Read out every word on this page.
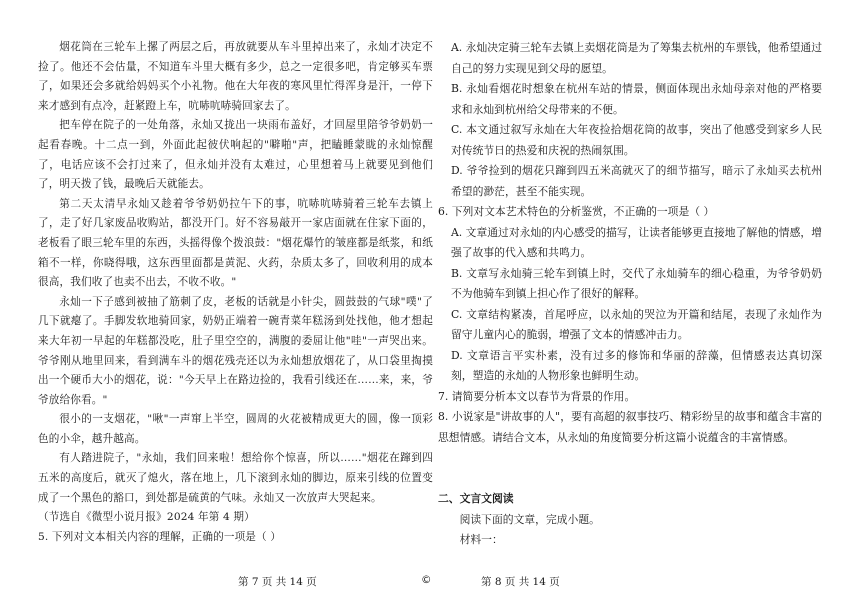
烟花筒在三轮车上摞了两层之后，再放就要从车斗里掉出来了，永灿才决定不捡了。他还不会估量，不知道车斗里大概有多少，总之一定很多吧，肯定够买车票了，如果还会多就给妈妈买个小礼物。他在大年夜的寒风里忙得浑身是汗，一停下来才感到有点冷，赶紧蹬上车，吭哧吭哧骑回家去了。

把车停在院子的一处角落，永灿又拢出一块雨布盖好，才回屋里陪爷爷奶奶一起看春晚。十二点一到，外面此起彼伏响起的"噼啪"声，把瞌睡蒙眬的永灿惊醒了，电话应该不会打过来了，但永灿并没有太难过，心里想着马上就要见到他们了，明天拨了钱，最晚后天就能去。

第二天太清早永灿又趁着爷爷奶奶拉午下的事，吭哧吭哧骑着三轮车去镇上了，走了好几家废品收购站，都没开门。好不容易敲开一家店面就在住家下面的，老板看了眼三轮车里的东西，头摇得像个拨浪鼓："烟花爆竹的皱座都是纸浆，和纸箱不一样，你晓得哦，这东西里面都是黄泥、火药，杂质太多了，回收利用的成本很高，我们收了也卖不出去，不收不收。"

永灿一下子感到被抽了筋刺了皮，老板的话就是小针尖，圆鼓鼓的气球"噗"了几下就瘪了。手脚发软地骑回家，奶奶正端着一碗青菜年糕汤到处找他，他才想起来大年初一早起的年糕都没吃，肚子里空空的，满腹的委屈让他"哇"一声哭出来。爷爷刚从地里回来，看到满车斗的烟花残壳还以为永灿想放烟花了，从口袋里掏摸出一个硬币大小的烟花，说："今天早上在路边捡的，我看引线还在……来，来，爷爷放给你看。"

很小的一支烟花，"啾"一声窜上半空，圆周的火花被精成更大的圆，像一顶彩色的小伞，越升越高。

有人踏进院子，"永灿，我们回来啦！想给你个惊喜，所以……"烟花在蹿到四五米的高度后，就灭了熄火，落在地上，几下滚到永灿的脚边，原来引线的位置变成了一个黑色的豁口，到处都是硫黄的气味。永灿又一次放声大哭起来。

（节选自《微型小说月报》2024 年第 4 期）

5. 下列对文本相关内容的理解，正确的一项是（ ）

A. 永灿决定骑三轮车去镇上卖烟花筒是为了筹集去杭州的车票钱，他希望通过自己的努力实现见到父母的愿望。

B. 永灿看烟花时想象在杭州车站的情景，侧面体现出永灿母亲对他的严格要求和永灿到杭州给父母带来的不便。

C. 本文通过叙写永灿在大年夜捡拾烟花筒的故事，突出了他感受到家乡人民对传统节日的热爱和庆祝的热闹氛围。

D. 爷爷捡到的烟花只蹿到四五米高就灭了的细节描写，暗示了永灿买去杭州希望的渺茫，甚至不能实现。

6. 下列对文本艺术特色的分析鉴赏，不正确的一项是（ ）

A. 文章通过对永灿的内心感受的描写，让读者能够更直接地了解他的情感，增强了故事的代入感和共鸣力。

B. 文章写永灿骑三轮车到镇上时，交代了永灿骑车的细心稳重，为爷爷奶奶不为他骑车到镇上担心作了很好的解释。

C. 文章结构紧凑，首尾呼应，以永灿的哭泣为开篇和结尾，表现了永灿作为留守儿童内心的脆弱，增强了文本的情感冲击力。

D. 文章语言平实朴素，没有过多的修饰和华丽的辞藻，但情感表达真切深刻，塑造的永灿的人物形象也鲜明生动。

7. 请简要分析本文以春节为背景的作用。

8. 小说家是"讲故事的人"，要有高超的叙事技巧、精彩纷呈的故事和蕴含丰富的思想情感。请结合文本，从永灿的角度简要分析这篇小说蕴含的丰富情感。

二、文言文阅读

阅读下面的文章，完成小题。

材料一：

第 7 页 共 14 页	©	第 8 页 共 14 页
